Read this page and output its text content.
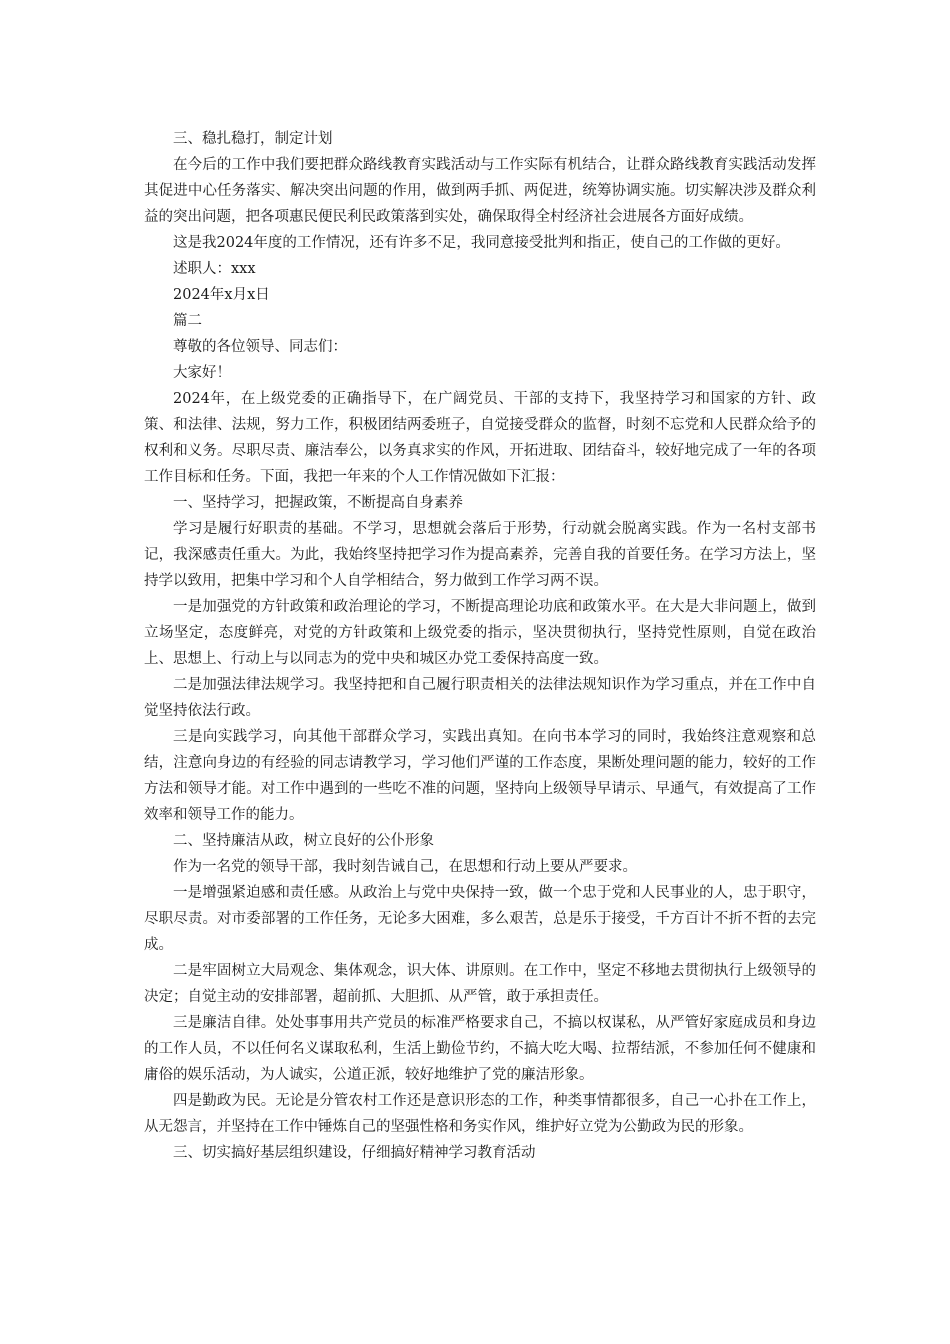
三、稳扎稳打，制定计划

在今后的工作中我们要把群众路线教育实践活动与工作实际有机结合，让群众路线教育实践活动发挥其促进中心任务落实、解决突出问题的作用，做到两手抓、两促进，统筹协调实施。切实解决涉及群众利益的突出问题，把各项惠民便民利民政策落到实处，确保取得全村经济社会进展各方面好成绩。

这是我2024年度的工作情况，还有许多不足，我同意接受批判和指正，使自己的工作做的更好。

述职人：xxx

2024年x月x日

篇二

尊敬的各位领导、同志们：

大家好！

2024年，在上级党委的正确指导下，在广阔党员、干部的支持下，我坚持学习和国家的方针、政策、和法律、法规，努力工作，积极团结两委班子，自觉接受群众的监督，时刻不忘党和人民群众给予的权利和义务。尽职尽责、廉洁奉公，以务真求实的作风，开拓进取、团结奋斗，较好地完成了一年的各项工作目标和任务。下面，我把一年来的个人工作情况做如下汇报：

一、坚持学习，把握政策，不断提高自身素养

学习是履行好职责的基础。不学习，思想就会落后于形势，行动就会脱离实践。作为一名村支部书记，我深感责任重大。为此，我始终坚持把学习作为提高素养，完善自我的首要任务。在学习方法上，坚持学以致用，把集中学习和个人自学相结合，努力做到工作学习两不误。

一是加强党的方针政策和政治理论的学习，不断提高理论功底和政策水平。在大是大非问题上，做到立场坚定，态度鲜亮，对党的方针政策和上级党委的指示，坚决贯彻执行，坚持党性原则，自觉在政治上、思想上、行动上与以同志为的党中央和城区办党工委保持高度一致。

二是加强法律法规学习。我坚持把和自己履行职责相关的法律法规知识作为学习重点，并在工作中自觉坚持依法行政。

三是向实践学习，向其他干部群众学习，实践出真知。在向书本学习的同时，我始终注意观察和总结，注意向身边的有经验的同志请教学习，学习他们严谨的工作态度，果断处理问题的能力，较好的工作方法和领导才能。对工作中遇到的一些吃不准的问题，坚持向上级领导早请示、早通气，有效提高了工作效率和领导工作的能力。

二、坚持廉洁从政，树立良好的公仆形象

作为一名党的领导干部，我时刻告诫自己，在思想和行动上要从严要求。

一是增强紧迫感和责任感。从政治上与党中央保持一致，做一个忠于党和人民事业的人，忠于职守，尽职尽责。对市委部署的工作任务，无论多大困难，多么艰苦，总是乐于接受，千方百计不折不哲的去完成。

二是牢固树立大局观念、集体观念，识大体、讲原则。在工作中，坚定不移地去贯彻执行上级领导的决定；自觉主动的安排部署，超前抓、大胆抓、从严管，敢于承担责任。

三是廉洁自律。处处事事用共产党员的标准严格要求自己，不搞以权谋私，从严管好家庭成员和身边的工作人员，不以任何名义谋取私利，生活上勤俭节约，不搞大吃大喝、拉帮结派，不参加任何不健康和庸俗的娱乐活动，为人诚实，公道正派，较好地维护了党的廉洁形象。

四是勤政为民。无论是分管农村工作还是意识形态的工作，种类事情都很多，自己一心扑在工作上，从无怨言，并坚持在工作中锤炼自己的坚强性格和务实作风，维护好立党为公勤政为民的形象。

三、切实搞好基层组织建设，仔细搞好精神学习教育活动
